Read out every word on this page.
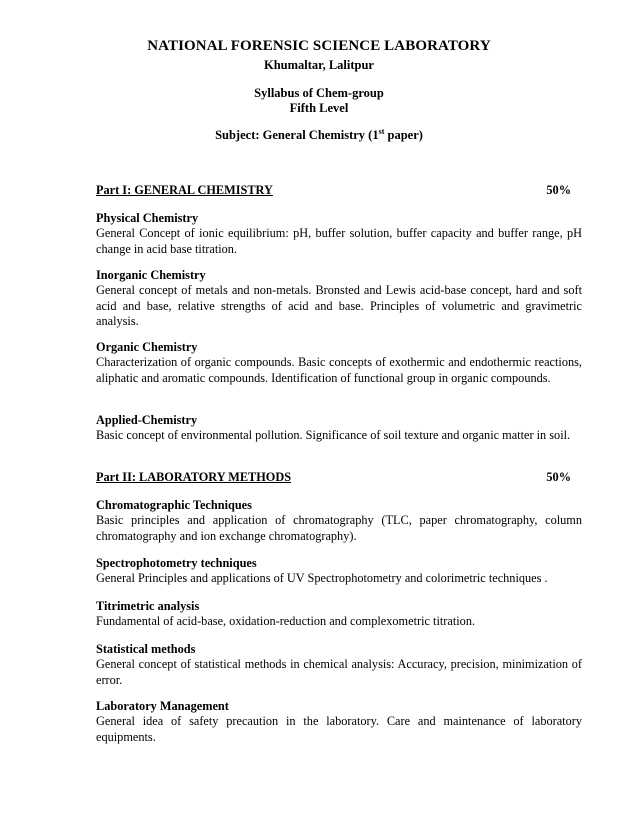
NATIONAL FORENSIC SCIENCE LABORATORY
Khumaltar, Lalitpur
Syllabus of Chem-group
Fifth Level
Subject: General Chemistry (1st paper)
Part I: GENERAL CHEMISTRY	50%
Physical Chemistry
General Concept of ionic equilibrium: pH, buffer solution, buffer capacity and buffer range, pH change in acid base titration.
Inorganic Chemistry
General concept of metals and non-metals. Bronsted and Lewis acid-base concept, hard and soft acid and base, relative strengths of acid and base. Principles of volumetric and gravimetric analysis.
Organic Chemistry
Characterization of organic compounds. Basic concepts of exothermic and endothermic reactions, aliphatic and aromatic compounds. Identification of functional group in organic compounds.
Applied-Chemistry
Basic concept of environmental pollution. Significance of soil texture and organic matter in soil.
Part II: LABORATORY METHODS	50%
Chromatographic Techniques
Basic principles and application of chromatography (TLC, paper chromatography, column chromatography and ion exchange chromatography).
Spectrophotometry techniques
General Principles and applications of UV Spectrophotometry and colorimetric techniques .
Titrimetric analysis
Fundamental of acid-base, oxidation-reduction and complexometric titration.
Statistical methods
General concept of statistical methods in chemical analysis: Accuracy, precision, minimization of error.
Laboratory Management
General idea of safety precaution in the laboratory. Care and maintenance of laboratory equipments.
